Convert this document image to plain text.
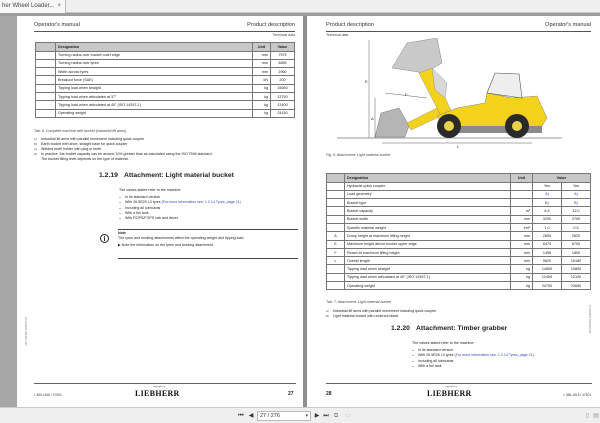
her Wheel Loader... ×
Operator's manual	Product description
Technical data
	Designation	Unit	Value
	Turning radius over bucket outer edge	mm	7575
	Turning radius over tyres	mm	6895
	Width across tyres	mm	2960
	Breakout force (SAE)	kN	200
	Tipping load when straight	kg	15650
	Tipping load when articulated at 37°	kg	13750
	Tipping load when articulated at 40° (ISO 14397-1)	kg	13400
	Operating weight	kg	24150
Tab. 6: Complete machine with bucket (industrial lift arms)
A) Industrial lift arms with parallel movement including quick coupler
B) Earth bucket with short, straight base for quick coupler
C) Welded tooth holder with plug-in teeth
D) In practice, the bucket capacity can be around 10% greater than as calculated using the ISO 7546 standard.
The bucket filling level depends on the type of material.
1.2.19 Attachment: Light material bucket
The values stated refer to the machine:
– In its standard version
– With 26.5R25 L3 tyres (For more information see: 1.2.14 Tyres, page 21)
– Including all lubricants
– With a full tank
– With ROPS/FOPS cab and driver
i
Note
The tyres and working attachments affect the operating weight and tipping load.
▶ Note the information on the tyres and working attachment.
LWH 3234/50 10/2023 EN
L 566-1818 / 37504
copyright by
LIEBHERR	27
Product description	Operator's manual
Technical data
E
A
F
L
Fig. 5: Attachment: Light material bucket
	Designation	Unit	Value	
	Hydraulic quick coupler		Yes	Yes
	Load geometry		A)	A)
	Bucket type		B)	B)
	Bucket capacity	m³	6,5	12,0
	Bucket width	mm	3200	3700
	Specific material weight	t/m³	1,0	0,5
A	Dump height at maximum lifting height	mm	2855	2620
E	Maximum height above bucket upper edge	mm	6470	6700
F	Reach at maximum lifting height	mm	1455	1800
L	Overall length	mm	9620	10180
	Tipping load when straight	kg	14850	13850
	Tipping load when articulated at 40° (ISO 14397-1)	kg	12400	12100
	Operating weight	kg	24700	23650
Tab. 7: Attachment: Light material bucket
A) Industrial lift arms with parallel movement including quick coupler
B) Light material bucket with undercut blade
1.2.20 Attachment: Timber grabber
The values stated refer to the machine:
– In its standard version
– With 26.5R25 L3 tyres (For more information see: 1.2.14 Tyres, page 21)
– Including all lubricants
– With a full tank
LWH 3234/50 10/2023 EN
28
copyright by
LIEBHERR	L 566-1818 / 37504
⏮ ◀	27 / 276	▾ ▶ ⏭ ⧉	▭	▯ ▤
